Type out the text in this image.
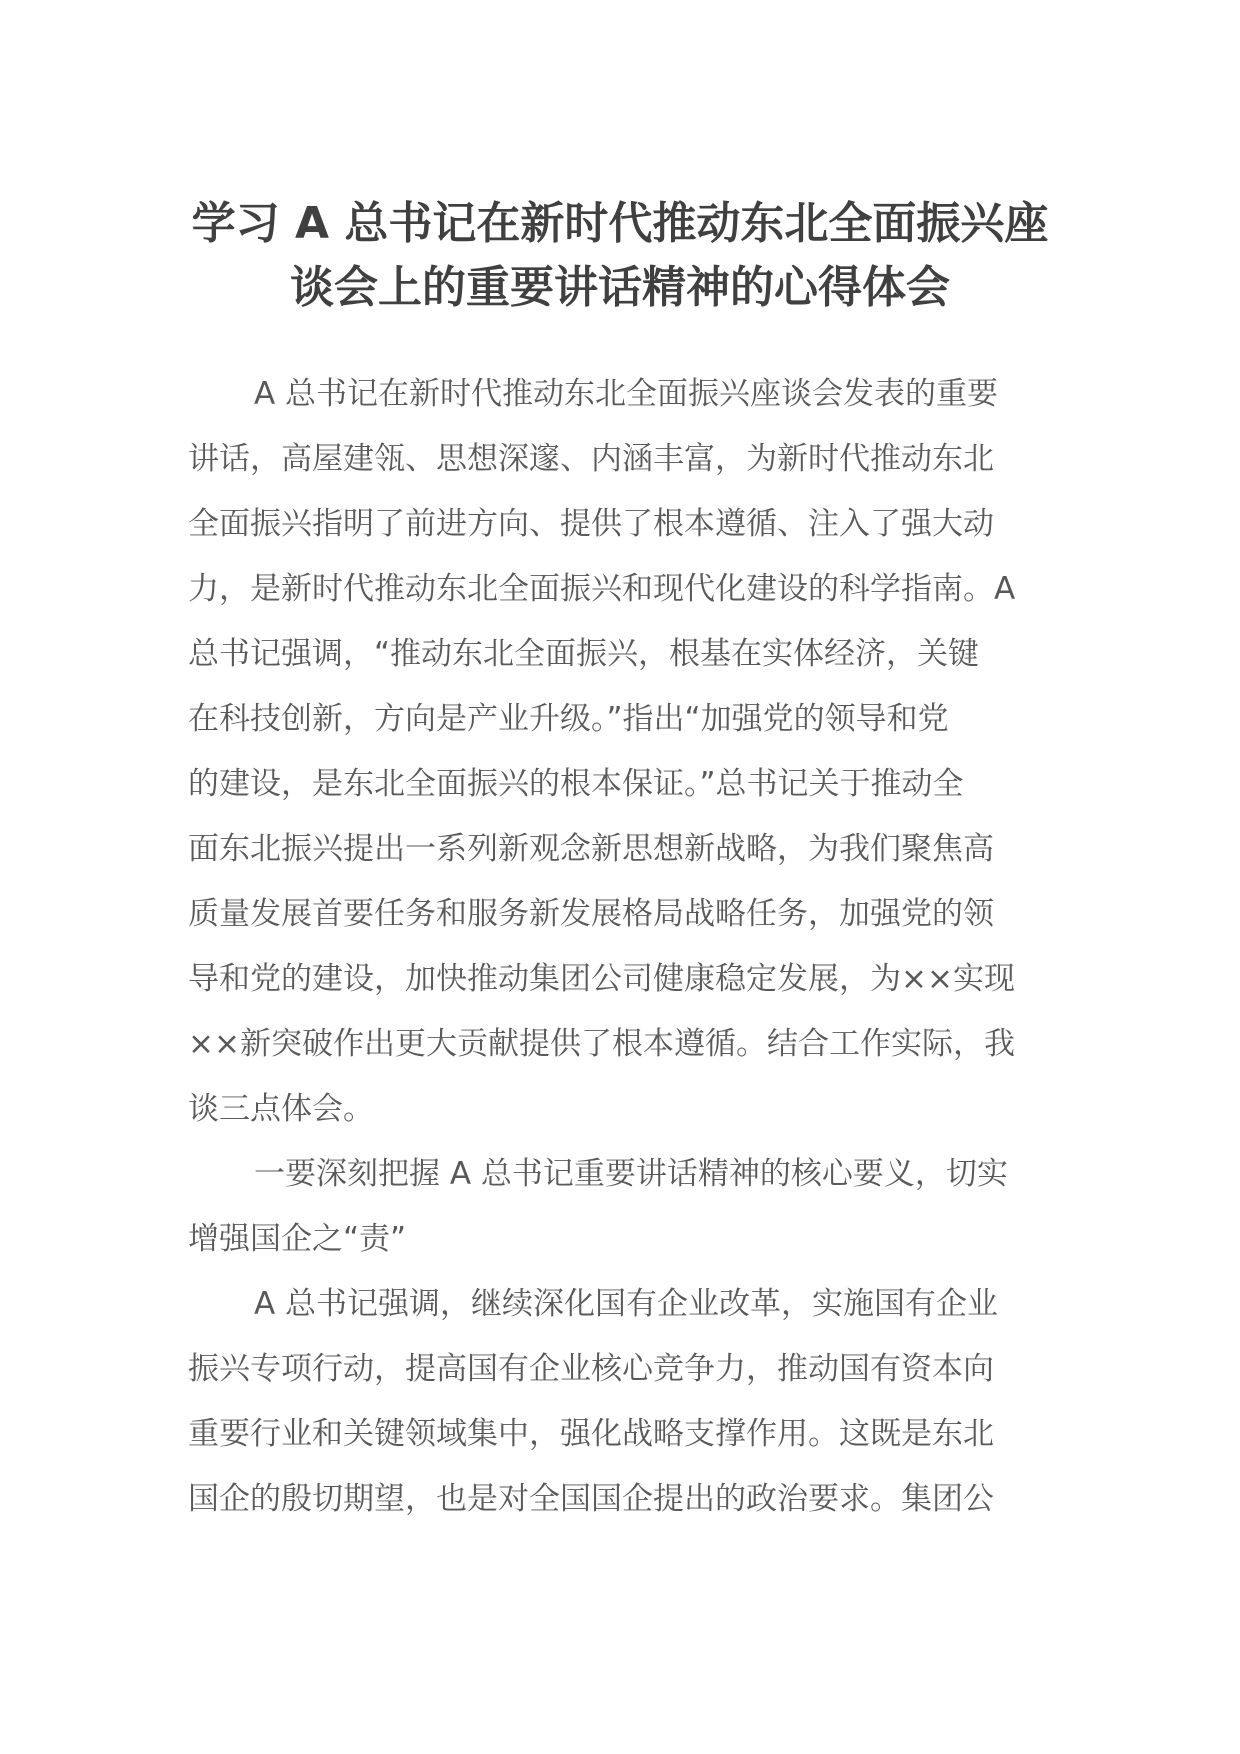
学习 A 总书记在新时代推动东北全面振兴座
谈会上的重要讲话精神的心得体会

A 总书记在新时代推动东北全面振兴座谈会发表的重要
讲话，高屋建瓴、思想深邃、内涵丰富，为新时代推动东北
全面振兴指明了前进方向、提供了根本遵循、注入了强大动
力，是新时代推动东北全面振兴和现代化建设的科学指南。A
总书记强调，“推动东北全面振兴，根基在实体经济，关键
在科技创新，方向是产业升级。”指出“加强党的领导和党
的建设，是东北全面振兴的根本保证。”总书记关于推动全
面东北振兴提出一系列新观念新思想新战略，为我们聚焦高
质量发展首要任务和服务新发展格局战略任务，加强党的领
导和党的建设，加快推动集团公司健康稳定发展，为××实现
××新突破作出更大贡献提供了根本遵循。结合工作实际，我
谈三点体会。

一要深刻把握 A 总书记重要讲话精神的核心要义，切实
增强国企之“责”

A 总书记强调，继续深化国有企业改革，实施国有企业
振兴专项行动，提高国有企业核心竞争力，推动国有资本向
重要行业和关键领域集中，强化战略支撑作用。这既是东北
国企的殷切期望，也是对全国国企提出的政治要求。集团公
